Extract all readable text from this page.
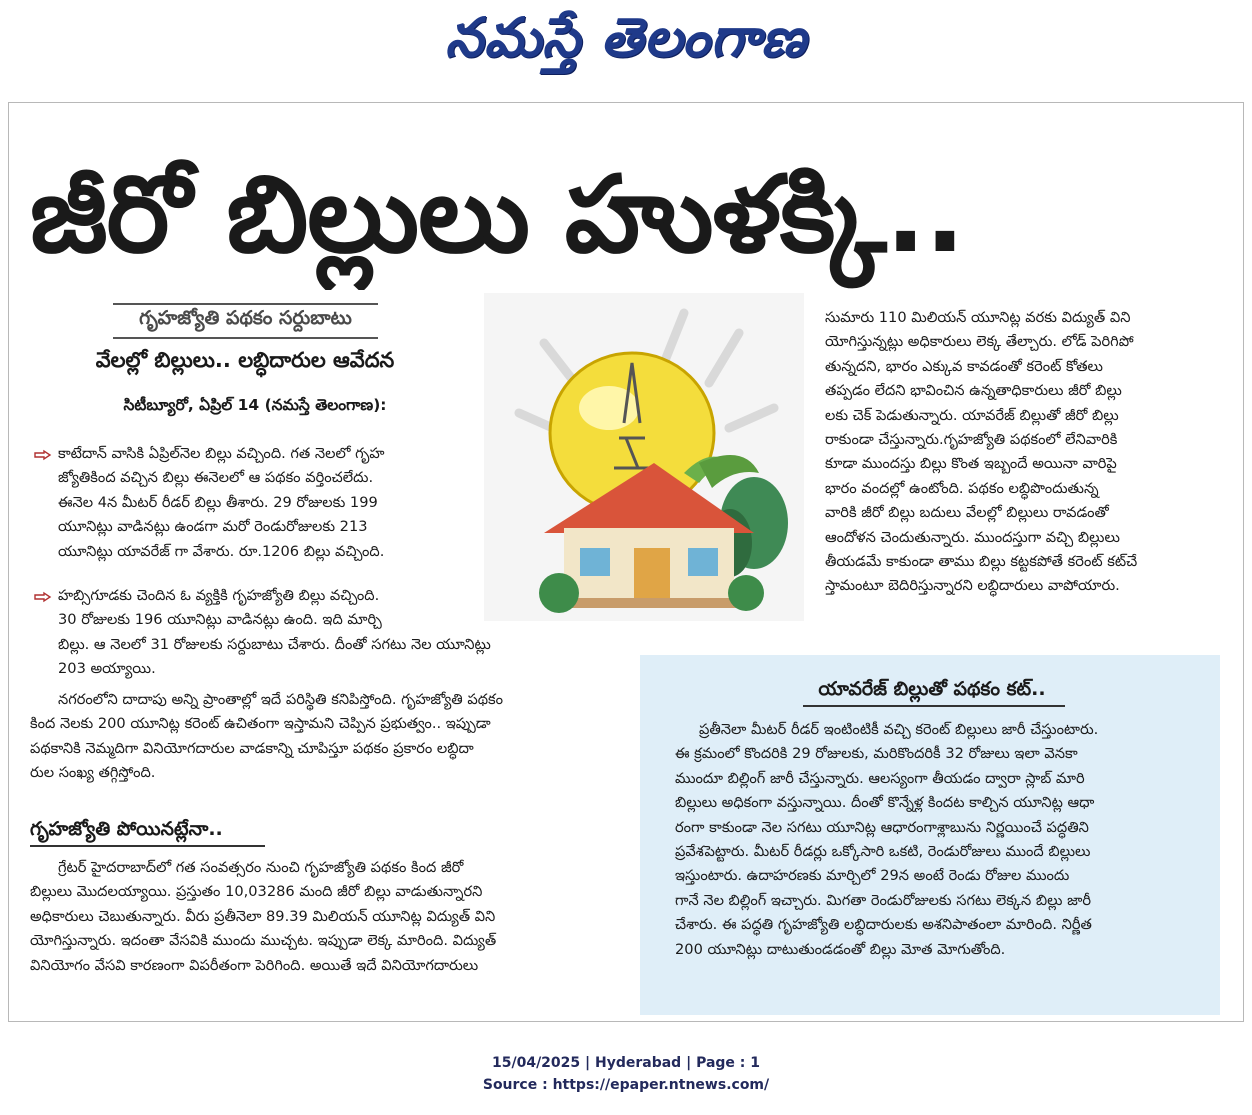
నమస్తే తెలంగాణ
జీరో బిల్లులు హుళక్కి..
గృహజ్యోతి పథకం సర్దుబాటు
వేలల్లో బిల్లులు.. లబ్ధిదారుల ఆవేదన
సిటీబ్యూరో, ఏప్రిల్ 14 (నమస్తే తెలంగాణ):
కాటేదాన్ వాసికి ఏప్రిల్‌నెల బిల్లు వచ్చింది. గత నెలలో గృహ
జ్యోతికింద వచ్చిన బిల్లు ఈనెలలో ఆ పథకం వర్తించలేదు.
ఈనెల 4న మీటర్ రీడర్ బిల్లు తీశారు. 29 రోజులకు 199
యూనిట్లు వాడినట్లు ఉండగా మరో రెండురోజులకు 213
యూనిట్లు యావరేజ్ గా వేశారు. రూ.1206 బిల్లు వచ్చింది.
హబ్సిగూడకు చెందిన ఓ వ్యక్తికి గృహజ్యోతి బిల్లు వచ్చింది.
30 రోజులకు 196 యూనిట్లు వాడినట్లు ఉంది. ఇది మార్చి
బిల్లు. ఆ నెలలో 31 రోజులకు సర్దుబాటు చేశారు. దీంతో సగటు నెల యూనిట్లు
203 అయ్యాయి.
నగరంలోని దాదాపు అన్ని ప్రాంతాల్లో ఇదే పరిస్థితి కనిపిస్తోంది. గృహజ్యోతి పథకం
కింద నెలకు 200 యూనిట్ల కరెంట్ ఉచితంగా ఇస్తామని చెప్పిన ప్రభుత్వం.. ఇప్పుడా
పథకానికి నెమ్మదిగా వినియోగదారుల వాడకాన్ని చూపిస్తూ పథకం ప్రకారం లబ్ధిదా
రుల సంఖ్య తగ్గిస్తోంది.
గృహజ్యోతి పోయినట్లేనా..
గ్రేటర్ హైదరాబాద్‌లో గత సంవత్సరం నుంచి గృహజ్యోతి పథకం కింద జీరో
బిల్లులు మొదలయ్యాయి. ప్రస్తుతం 10,03286 మంది జీరో బిల్లు వాడుతున్నారని
అధికారులు చెబుతున్నారు. వీరు ప్రతీనెలా 89.39 మిలియన్ యూనిట్ల విద్యుత్ విని
యోగిస్తున్నారు. ఇదంతా వేసవికి ముందు ముచ్చట. ఇప్పుడా లెక్క మారింది. విద్యుత్
వినియోగం వేసవి కారణంగా విపరీతంగా పెరిగింది. అయితే ఇదే వినియోగదారులు
సుమారు 110 మిలియన్ యూనిట్ల వరకు విద్యుత్ విని
యోగిస్తున్నట్లు అధికారులు లెక్క తేల్చారు. లోడ్ పెరిగిపో
తున్నదని, భారం ఎక్కువ కావడంతో కరెంట్ కోతలు
తప్పడం లేదని భావించిన ఉన్నతాధికారులు జీరో బిల్లు
లకు చెక్ పెడుతున్నారు. యావరేజ్ బిల్లుతో జీరో బిల్లు
రాకుండా చేస్తున్నారు.గృహజ్యోతి పథకంలో లేనివారికి
కూడా ముందస్తు బిల్లు కొంత ఇబ్బందే అయినా వారిపై
భారం వందల్లో ఉంటోంది. పథకం లబ్ధిపొందుతున్న
వారికి జీరో బిల్లు బదులు వేలల్లో బిల్లులు రావడంతో
ఆందోళన చెందుతున్నారు. ముందస్తుగా వచ్చి బిల్లులు
తీయడమే కాకుండా తాము బిల్లు కట్టకపోతే కరెంట్ కట్‌చే
స్తామంటూ బెదిరిస్తున్నారని లబ్ధిదారులు వాపోయారు.
యావరేజ్ బిల్లుతో పథకం కట్..
ప్రతీనెలా మీటర్ రీడర్ ఇంటింటికీ వచ్చి కరెంట్ బిల్లులు జారీ చేస్తుంటారు.
ఈ క్రమంలో కొందరికి 29 రోజులకు, మరికొందరికీ 32 రోజులు ఇలా వెనకా
ముందూ బిల్లింగ్ జారీ చేస్తున్నారు. ఆలస్యంగా తీయడం ద్వారా స్లాబ్ మారి
బిల్లులు అధికంగా వస్తున్నాయి. దీంతో కొన్నేళ్ల కిందట కాల్చిన యూనిట్ల ఆధా
రంగా కాకుండా నెల సగటు యూనిట్ల ఆధారంగాశ్లాబును నిర్ణయించే పద్ధతిని
ప్రవేశపెట్టారు. మీటర్ రీడర్లు ఒక్కోసారి ఒకటి, రెండురోజులు ముందే బిల్లులు
ఇస్తుంటారు. ఉదాహరణకు మార్చిలో 29న అంటే రెండు రోజుల ముందు
గానే నెల బిల్లింగ్ ఇచ్చారు. మిగతా రెండురోజులకు సగటు లెక్కన బిల్లు జారీ
చేశారు. ఈ పద్ధతి గృహజ్యోతి లబ్ధిదారులకు అశనిపాతంలా మారింది. నిర్ణీత
200 యూనిట్లు దాటుతుండడంతో బిల్లు మోత మోగుతోంది.
15/04/2025 | Hyderabad | Page : 1
Source : https://epaper.ntnews.com/
